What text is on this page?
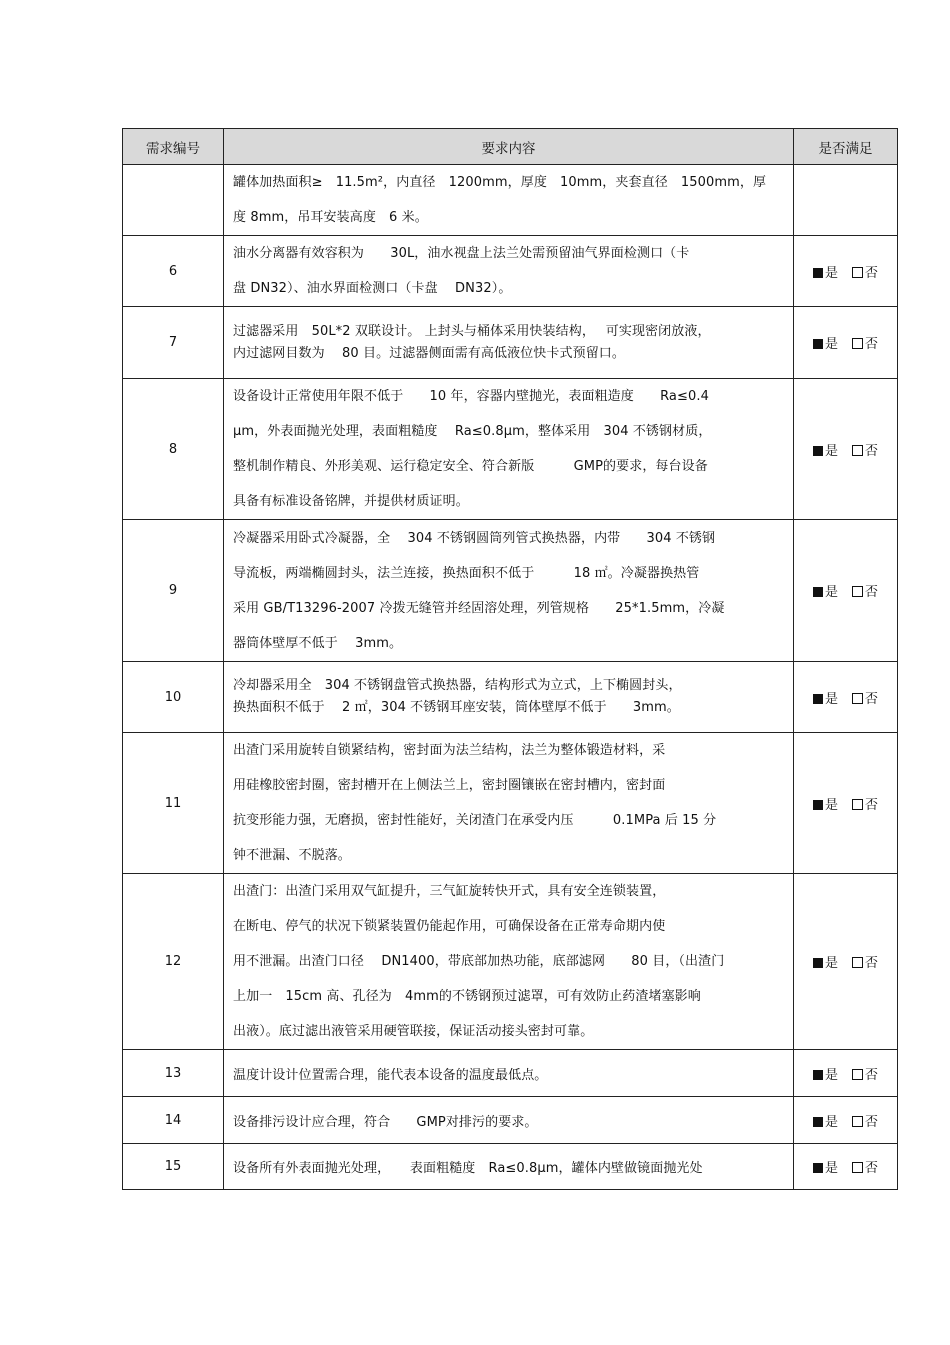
需求编号	要求内容	是否满足

	罐体加热面积≥　11.5m²，内直径　1200mm，厚度　10mm，夹套直径　1500mm，厚
度 8mm，吊耳安装高度　6 米。	

6	油水分离器有效容积为　　30L，油水视盘上法兰处需预留油气界面检测口（卡
盘 DN32）、油水界面检测口（卡盘　 DN32）。	是 否
7	过滤器采用　50L*2 双联设计。 上封头与桶体采用快装结构，　 可实现密闭放液，
内过滤网目数为　 80 目。过滤器侧面需有高低液位快卡式预留口。	是 否
8	设备设计正常使用年限不低于　　10 年，容器内壁抛光，表面粗造度　　Ra≤0.4
μm，外表面抛光处理，表面粗糙度　 Ra≤0.8μm，整体采用　304 不锈钢材质，
整机制作精良、外形美观、运行稳定安全、符合新版　　　GMP的要求，每台设备
具备有标准设备铭牌，并提供材质证明。	是 否
9	冷凝器采用卧式冷凝器，全　 304 不锈钢圆筒列管式换热器，内带　　304 不锈钢
导流板，两端椭圆封头，法兰连接，换热面积不低于　　　18 ㎡。冷凝器换热管
采用 GB/T13296-2007 冷拨无缝管并经固溶处理，列管规格　　25*1.5mm，冷凝
器筒体壁厚不低于　 3mm。	是 否
10	冷却器采用全　304 不锈钢盘管式换热器，结构形式为立式，上下椭圆封头，
换热面积不低于　 2 ㎡，304 不锈钢耳座安装，筒体壁厚不低于　　3mm。	是 否
11	出渣门采用旋转自锁紧结构，密封面为法兰结构，法兰为整体锻造材料，采
用硅橡胶密封圈，密封槽开在上侧法兰上，密封圈镶嵌在密封槽内，密封面
抗变形能力强，无磨损，密封性能好，关闭渣门在承受内压　　　0.1MPa 后 15 分
钟不泄漏、不脱落。	是 否
12	出渣门：出渣门采用双气缸提升，三气缸旋转快开式，具有安全连锁装置，
在断电、停气的状况下锁紧装置仍能起作用，可确保设备在正常寿命期内使
用不泄漏。出渣门口径　 DN1400，带底部加热功能，底部滤网　　80 目，（出渣门
上加一　15cm 高、孔径为　4mm的不锈钢预过滤罩，可有效防止药渣堵塞影响
出液）。底过滤出液管采用硬管联接，保证活动接头密封可靠。	是 否
13	温度计设计位置需合理，能代表本设备的温度最低点。	是 否
14	设备排污设计应合理，符合　　GMP对排污的要求。	是 否
15	设备所有外表面抛光处理，　　表面粗糙度　Ra≤0.8μm，罐体内壁做镜面抛光处	是 否
